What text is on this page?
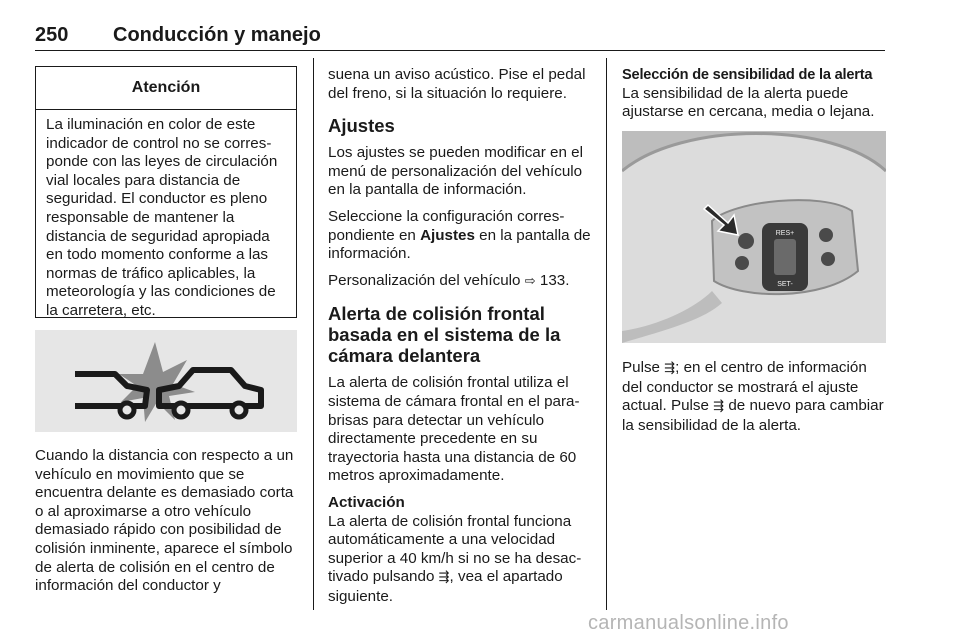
250 Conducción y manejo
Atención
La iluminación en color de este indicador de control no se corres-ponde con las leyes de circulación vial locales para distancia de seguridad. El conductor es pleno responsable de mantener la distancia de seguridad apropiada en todo momento conforme a las normas de tráfico aplicables, la meteorología y las condiciones de la carretera, etc.

Cuando la distancia con respecto a un vehículo en movimiento que se encuentra delante es demasiado corta o al aproximarse a otro vehículo demasiado rápido con posibilidad de colisión inminente, aparece el símbolo de alerta de colisión en el centro de información del conductor y

suena un aviso acústico. Pise el pedal del freno, si la situación lo requiere.

Ajustes

Los ajustes se pueden modificar en el menú de personalización del vehículo en la pantalla de información.

Seleccione la configuración corres-pondiente en Ajustes en la pantalla de información.

Personalización del vehículo ⇨ 133.

Alerta de colisión frontal basada en el sistema de la cámara delantera

La alerta de colisión frontal utiliza el sistema de cámara frontal en el para-brisas para detectar un vehículo directamente precedente en su trayectoria hasta una distancia de 60 metros aproximadamente.

Activación

La alerta de colisión frontal funciona automáticamente a una velocidad superior a 40 km/h si no se ha desac-tivado pulsando ⇶, vea el apartado siguiente.

Selección de sensibilidad de la alerta

La sensibilidad de la alerta puede ajustarse en cercana, media o lejana.

RES+
SET-

Pulse ⇶; en el centro de información del conductor se mostrará el ajuste actual. Pulse ⇶ de nuevo para cambiar la sensibilidad de la alerta.

carmanualsonline.info
